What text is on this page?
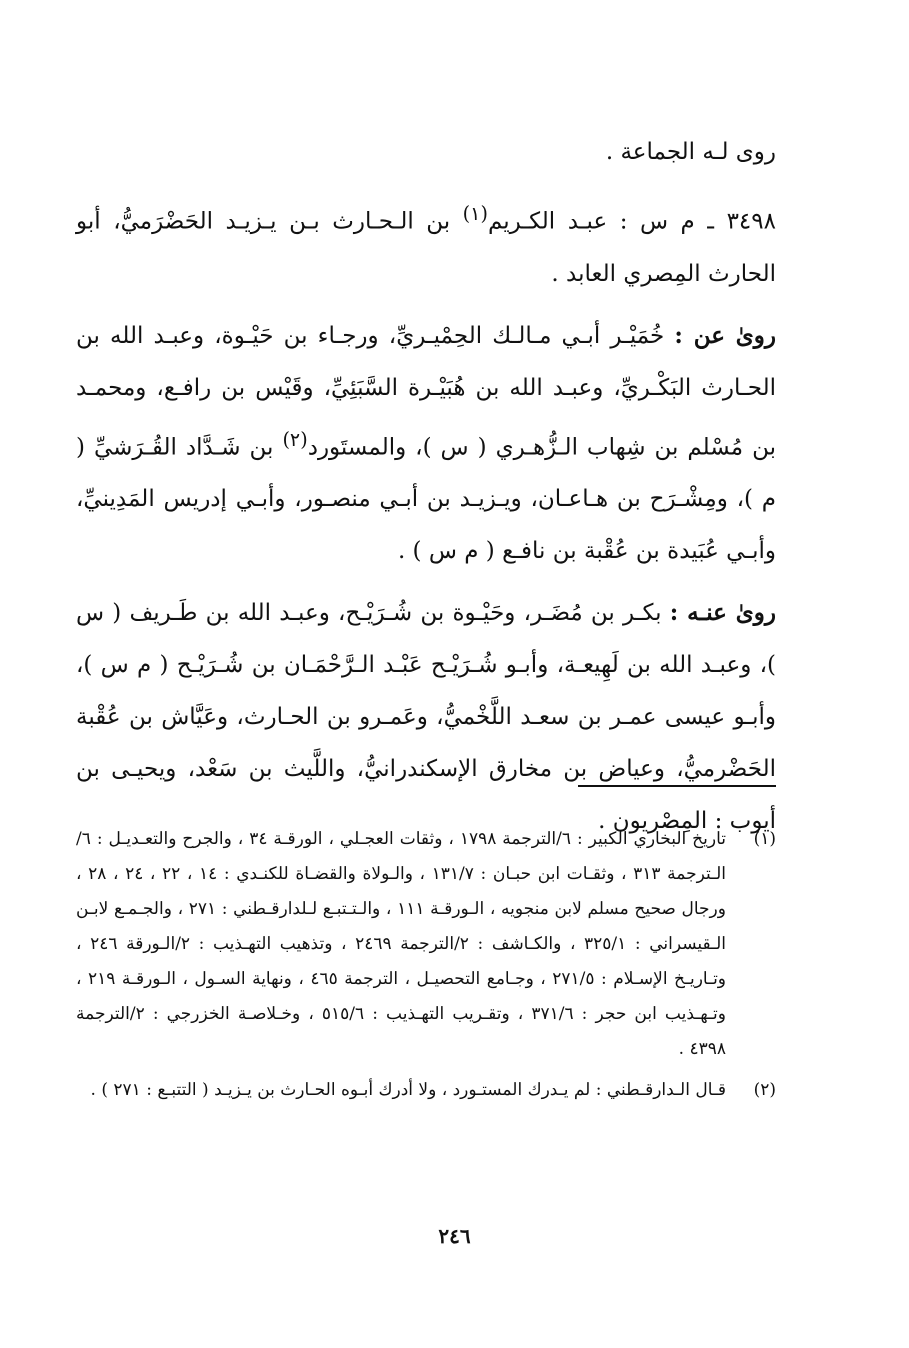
روى لـه الجماعة .

٣٤٩٨ ـ م س : عبـد الكـريم$^{(١)}$ بن الـحـارث بـن يـزيـد الحَضْرَميُّ، أبو الحارث المِصري العابد .

روىٰ عن : خُمَيْـر أبـي مـالـك الحِمْيـريِّ، ورجـاء بن حَيْـوة، وعبـد الله بن الحـارث البَكْـريِّ، وعبـد الله بن هُبَيْـرة السَّبَئِيِّ، وقَيْس بن رافـع، ومحمـد بن مُسْلم بن شِهاب الـزُّهـري ( س )، والمستَورد$^{(٢)}$ بن شَـدَّاد القُـرَشيِّ ( م )، ومِشْـرَح بن هـاعـان، ويـزيـد بن أبـي منصـور، وأبـي إدريس المَدِينيِّ، وأبـي عُبَيدة بن عُقْبة بن نافـع ( م س ) .

روىٰ عنـه : بكـر بن مُضَـر، وحَيْـوة بن شُـرَيْـح، وعبـد الله بن طَـريف ( س )، وعبـد الله بن لَهِيعـة، وأبـو شُـرَيْـح عَبْـد الـرَّحْمَـان بن شُـرَيْـح ( م س )، وأبـو عيسى عمـر بن سعـد اللَّخْميُّ، وعَمـرو بن الحـارث، وعَيَّاش بن عُقْبة الحَضْرميُّ، وعياض بن مخارق الإسكندرانيُّ، واللَّيث بن سَعْد، ويحيـى بن أيوب : المِصْريون .

(١)
تاريخ البخاري الكبير : ٦/الترجمة ١٧٩٨ ، وثقات العجـلي ، الورقـة ٣٤ ، والجرح والتعـديـل : ٦/الـترجمة ٣١٣ ، وثقـات ابن حبـان : ١٣١/٧ ، والـولاة والقضـاة للكنـدي : ١٤ ، ٢٢ ، ٢٤ ، ٢٨ ، ورجال صحيح مسلم لابن منجويه ، الـورقـة ١١١ ، والـتـتبـع لـلدارقـطني : ٢٧١ ، والجـمـع لابـن الـقيسراني : ٣٢٥/١ ، والكـاشف : ٢/الترجمة ٢٤٦٩ ، وتذهيب التهـذيب : ٢/الـورقة ٢٤٦ ، وتـاريـخ الإسـلام : ٢٧١/٥ ، وجـامع التحصيـل ، الترجمة ٤٦٥ ، ونهاية السـول ، الـورقـة ٢١٩ ، وتـهـذيب ابن حجر : ٣٧١/٦ ، وتقـريب التهـذيب : ٥١٥/٦ ، وخـلاصـة الخزرجي : ٢/الترجمة ٤٣٩٨ .
(٢)
قـال الـدارقـطني : لم يـدرك المستـورد ، ولا أدرك أبـوه الحـارث بن يـزيـد ( التتبـع : ٢٧١ ) .
٢٤٦
